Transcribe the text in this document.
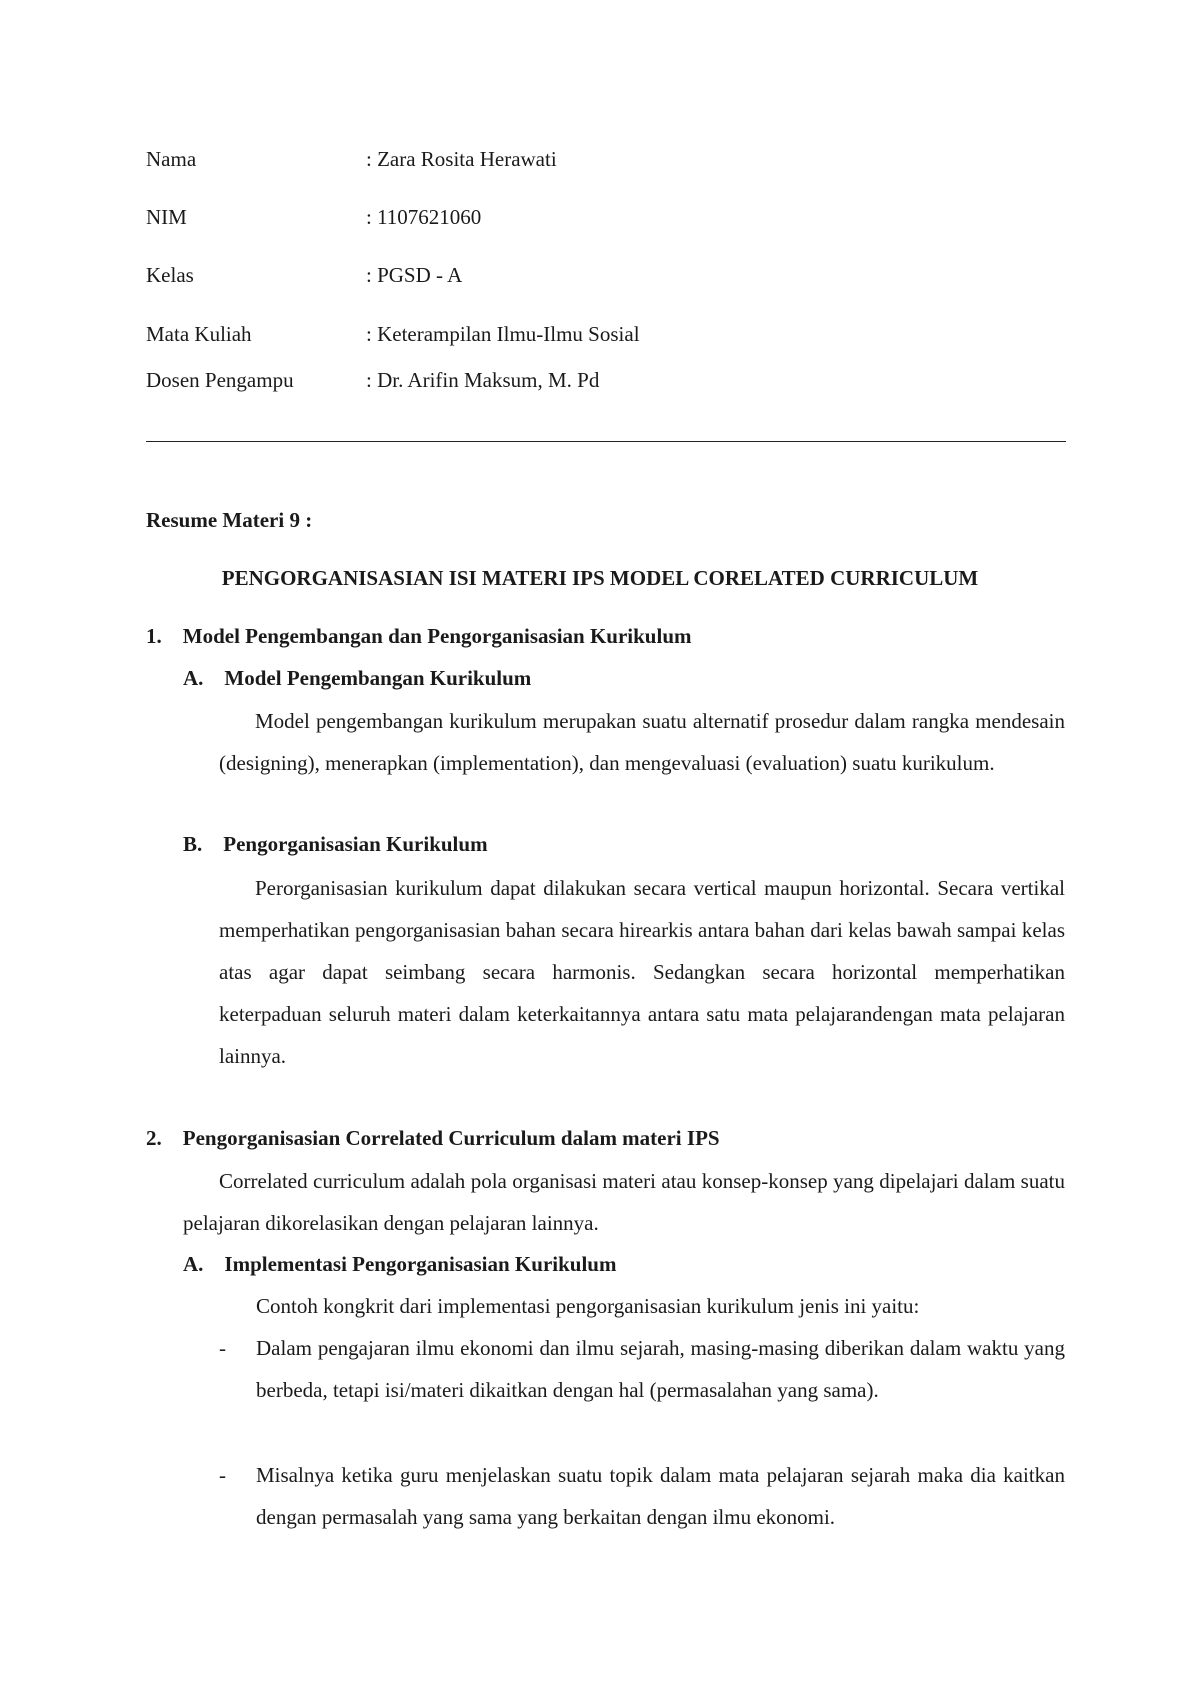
Nama	: Zara Rosita Herawati
NIM	: 1107621060
Kelas	: PGSD - A
Mata Kuliah	: Keterampilan Ilmu-Ilmu Sosial
Dosen Pengampu	: Dr. Arifin Maksum, M. Pd
Resume Materi 9 :
PENGORGANISASIAN ISI MATERI IPS MODEL CORELATED CURRICULUM
1. Model Pengembangan dan Pengorganisasian Kurikulum
A. Model Pengembangan Kurikulum

Model pengembangan kurikulum merupakan suatu alternatif prosedur dalam rangka mendesain (designing), menerapkan (implementation), dan mengevaluasi (evaluation) suatu kurikulum.

B. Pengorganisasian Kurikulum

Perorganisasian kurikulum dapat dilakukan secara vertical maupun horizontal. Secara vertikal memperhatikan pengorganisasian bahan secara hirearkis antara bahan dari kelas bawah sampai kelas atas agar dapat seimbang secara harmonis. Sedangkan secara horizontal memperhatikan keterpaduan seluruh materi dalam keterkaitannya antara satu mata pelajarandengan mata pelajaran lainnya.

2. Pengorganisasian Correlated Curriculum dalam materi IPS

Correlated curriculum adalah pola organisasi materi atau konsep-konsep yang dipelajari dalam suatu pelajaran dikorelasikan dengan pelajaran lainnya.

A. Implementasi Pengorganisasian Kurikulum
Contoh kongkrit dari implementasi pengorganisasian kurikulum jenis ini yaitu:
- Dalam pengajaran ilmu ekonomi dan ilmu sejarah, masing-masing diberikan dalam waktu yang berbeda, tetapi isi/materi dikaitkan dengan hal (permasalahan yang sama).

- Misalnya ketika guru menjelaskan suatu topik dalam mata pelajaran sejarah maka dia kaitkan dengan permasalah yang sama yang berkaitan dengan ilmu ekonomi.
